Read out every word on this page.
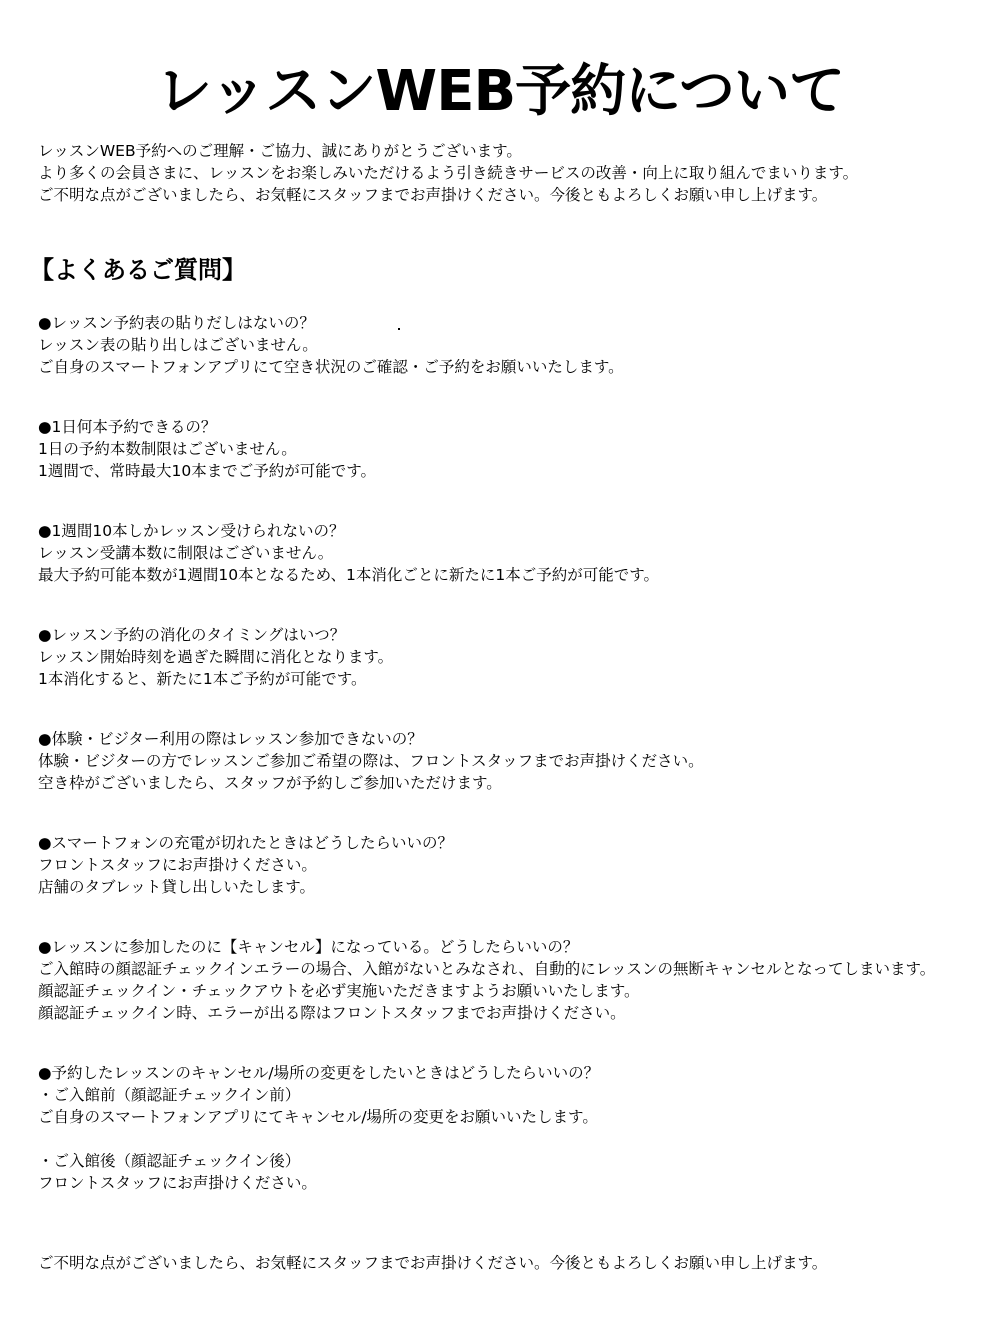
レッスンWEB予約について
レッスンWEB予約へのご理解・ご協力、誠にありがとうございます。
より多くの会員さまに、レッスンをお楽しみいただけるよう引き続きサービスの改善・向上に取り組んでまいります。
ご不明な点がございましたら、お気軽にスタッフまでお声掛けください。今後ともよろしくお願い申し上げます。
【よくあるご質問】
●レッスン予約表の貼りだしはないの？
レッスン表の貼り出しはございません。
ご自身のスマートフォンアプリにて空き状況のご確認・ご予約をお願いいたします。
●1日何本予約できるの？
1日の予約本数制限はございません。
1週間で、常時最大10本までご予約が可能です。
●1週間10本しかレッスン受けられないの？
レッスン受講本数に制限はございません。
最大予約可能本数が1週間10本となるため、1本消化ごとに新たに1本ご予約が可能です。
●レッスン予約の消化のタイミングはいつ？
レッスン開始時刻を過ぎた瞬間に消化となります。
1本消化すると、新たに1本ご予約が可能です。
●体験・ビジター利用の際はレッスン参加できないの？
体験・ビジターの方でレッスンご参加ご希望の際は、フロントスタッフまでお声掛けください。
空き枠がございましたら、スタッフが予約しご参加いただけます。
●スマートフォンの充電が切れたときはどうしたらいいの？
フロントスタッフにお声掛けください。
店舗のタブレット貸し出しいたします。
●レッスンに参加したのに【キャンセル】になっている。どうしたらいいの？
ご入館時の顔認証チェックインエラーの場合、入館がないとみなされ、自動的にレッスンの無断キャンセルとなってしまいます。
顔認証チェックイン・チェックアウトを必ず実施いただきますようお願いいたします。
顔認証チェックイン時、エラーが出る際はフロントスタッフまでお声掛けください。
●予約したレッスンのキャンセル/場所の変更をしたいときはどうしたらいいの？
・ご入館前（顔認証チェックイン前）
ご自身のスマートフォンアプリにてキャンセル/場所の変更をお願いいたします。
・ご入館後（顔認証チェックイン後）
フロントスタッフにお声掛けください。
ご不明な点がございましたら、お気軽にスタッフまでお声掛けください。今後ともよろしくお願い申し上げます。
